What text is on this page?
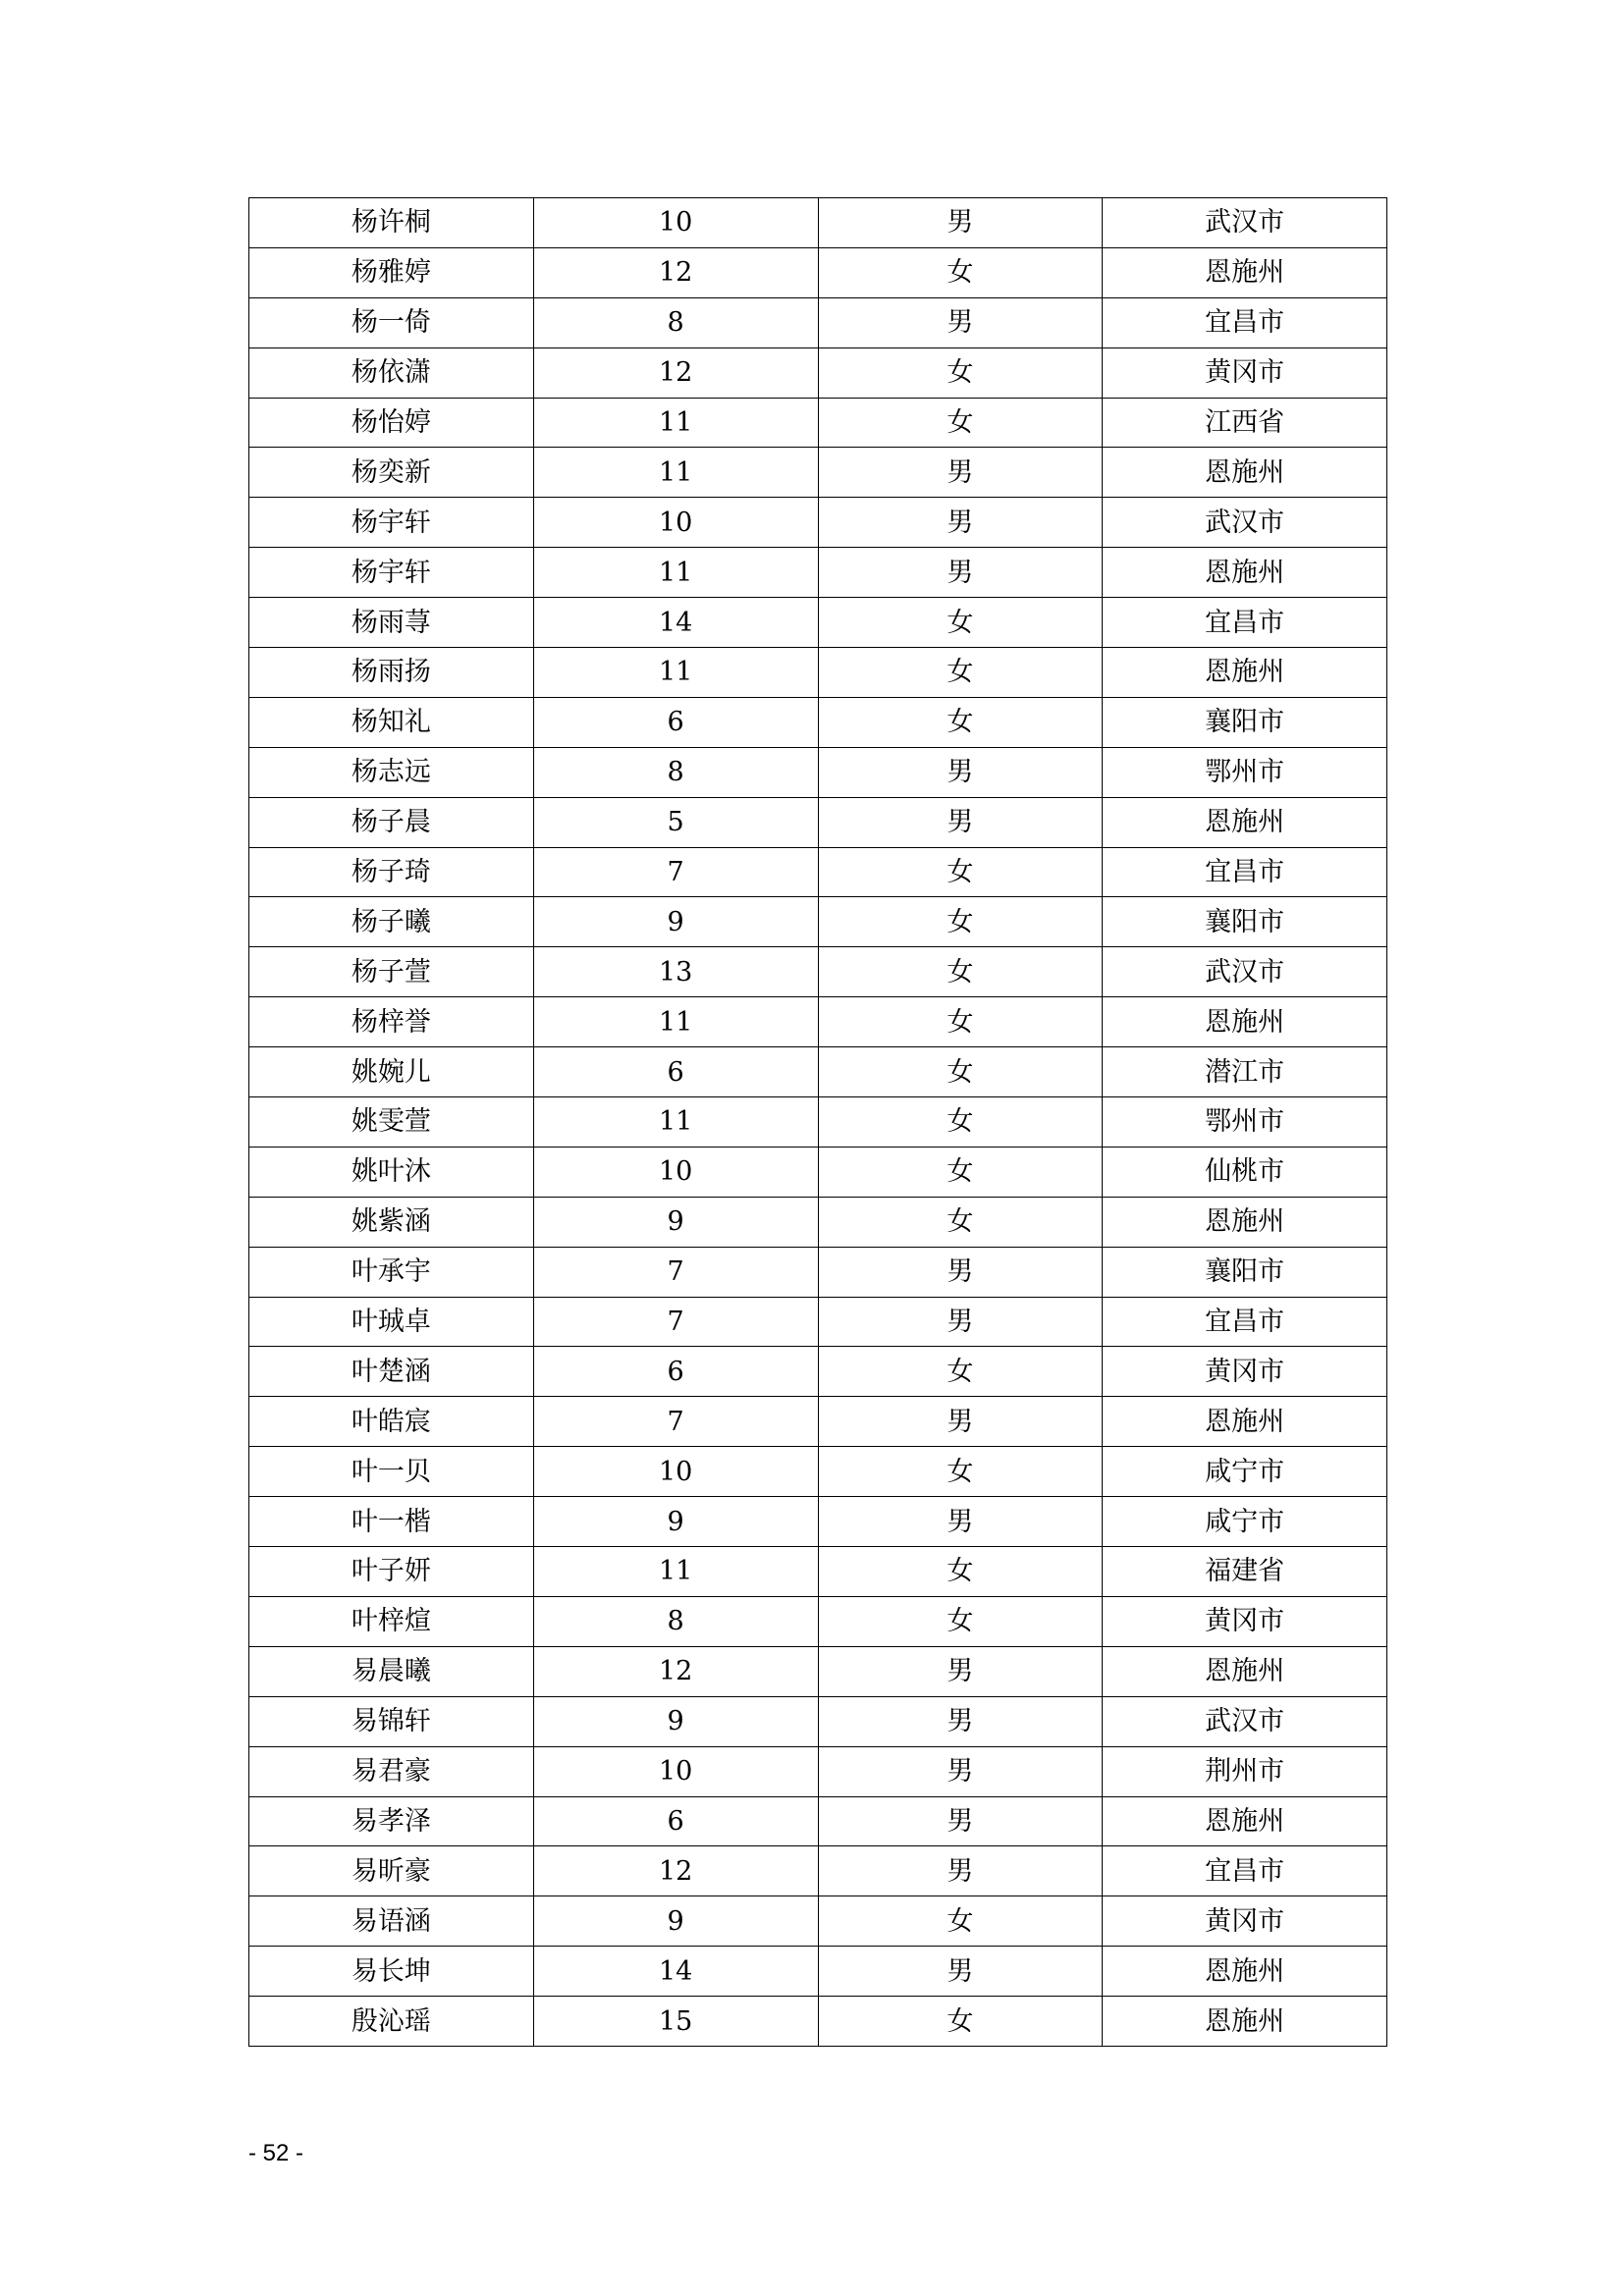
杨许桐	10	男	武汉市
杨雅婷	12	女	恩施州
杨一倚	8	男	宜昌市
杨依潇	12	女	黄冈市
杨怡婷	11	女	江西省
杨奕新	11	男	恩施州
杨宇轩	10	男	武汉市
杨宇轩	11	男	恩施州
杨雨荨	14	女	宜昌市
杨雨扬	11	女	恩施州
杨知礼	6	女	襄阳市
杨志远	8	男	鄂州市
杨子晨	5	男	恩施州
杨子琦	7	女	宜昌市
杨子曦	9	女	襄阳市
杨子萱	13	女	武汉市
杨梓誉	11	女	恩施州
姚婉儿	6	女	潜江市
姚雯萱	11	女	鄂州市
姚叶沐	10	女	仙桃市
姚紫涵	9	女	恩施州
叶承宇	7	男	襄阳市
叶珹卓	7	男	宜昌市
叶楚涵	6	女	黄冈市
叶皓宸	7	男	恩施州
叶一贝	10	女	咸宁市
叶一楷	9	男	咸宁市
叶子妍	11	女	福建省
叶梓煊	8	女	黄冈市
易晨曦	12	男	恩施州
易锦轩	9	男	武汉市
易君豪	10	男	荆州市
易孝泽	6	男	恩施州
易昕豪	12	男	宜昌市
易语涵	9	女	黄冈市
易长坤	14	男	恩施州
殷沁瑶	15	女	恩施州
- 52 -
